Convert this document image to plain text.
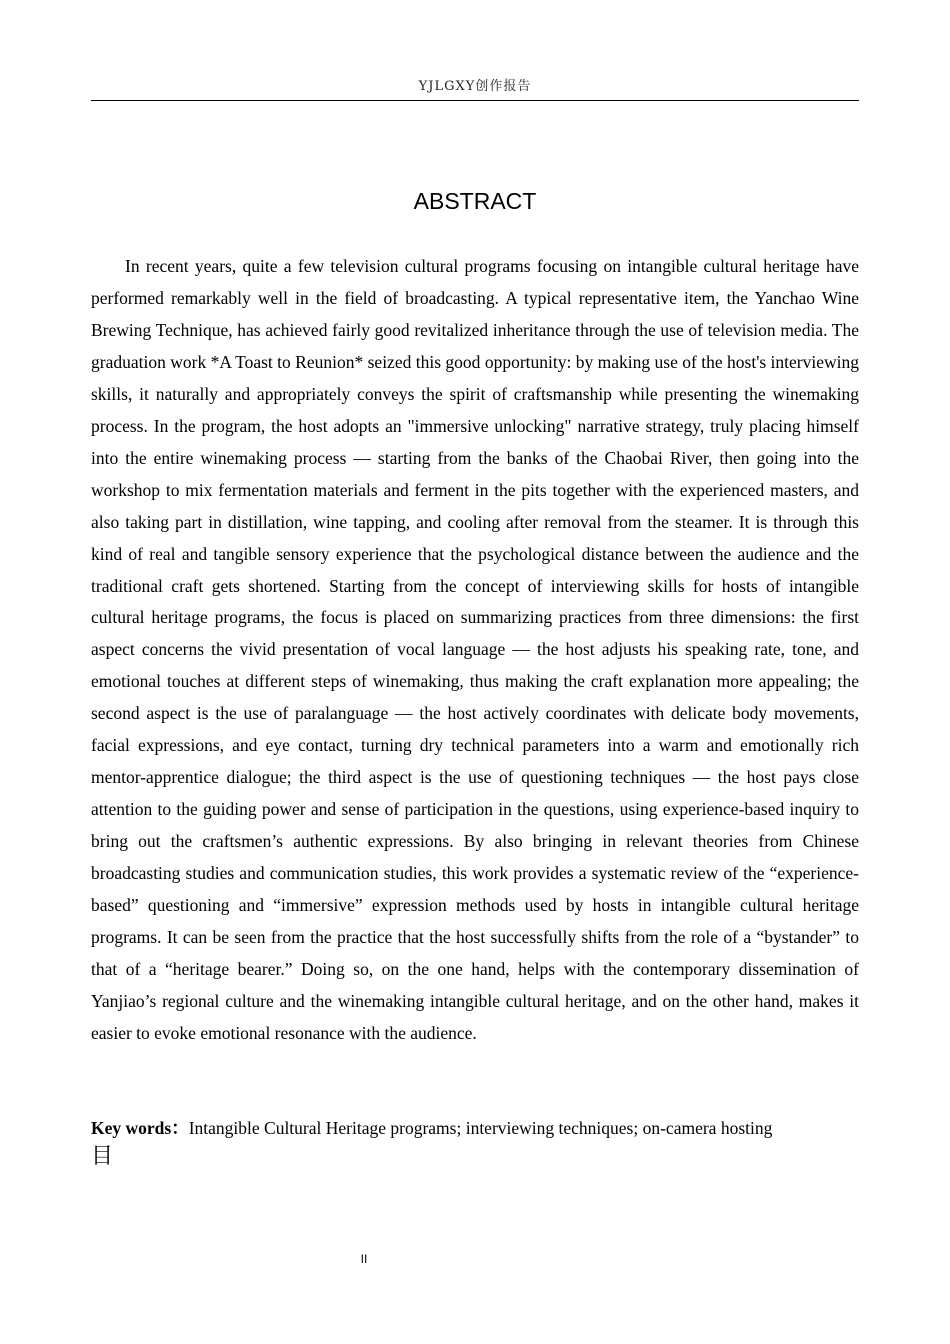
YJLGXY创作报告
ABSTRACT

In recent years, quite a few television cultural programs focusing on intangible cultural heritage have performed remarkably well in the field of broadcasting. A typical representative item, the Yanchao Wine Brewing Technique, has achieved fairly good revitalized inheritance through the use of television media. The graduation work *A Toast to Reunion* seized this good opportunity: by making use of the host's interviewing skills, it naturally and appropriately conveys the spirit of craftsmanship while presenting the winemaking process. In the program, the host adopts an "immersive unlocking" narrative strategy, truly placing himself into the entire winemaking process — starting from the banks of the Chaobai River, then going into the workshop to mix fermentation materials and ferment in the pits together with the experienced masters, and also taking part in distillation, wine tapping, and cooling after removal from the steamer. It is through this kind of real and tangible sensory experience that the psychological distance between the audience and the traditional craft gets shortened. Starting from the concept of interviewing skills for hosts of intangible cultural heritage programs, the focus is placed on summarizing practices from three dimensions: the first aspect concerns the vivid presentation of vocal language — the host adjusts his speaking rate, tone, and emotional touches at different steps of winemaking, thus making the craft explanation more appealing; the second aspect is the use of paralanguage — the host actively coordinates with delicate body movements, facial expressions, and eye contact, turning dry technical parameters into a warm and emotionally rich mentor-apprentice dialogue; the third aspect is the use of questioning techniques — the host pays close attention to the guiding power and sense of participation in the questions, using experience-based inquiry to bring out the craftsmen’s authentic expressions. By also bringing in relevant theories from Chinese broadcasting studies and communication studies, this work provides a systematic review of the “experience-based” questioning and “immersive” expression methods used by hosts in intangible cultural heritage programs. It can be seen from the practice that the host successfully shifts from the role of a “bystander” to that of a “heritage bearer.” Doing so, on the one hand, helps with the contemporary dissemination of Yanjiao’s regional culture and the winemaking intangible cultural heritage, and on the other hand, makes it easier to evoke emotional resonance with the audience.

Key words：Intangible Cultural Heritage programs; interviewing techniques; on-camera hosting
目
II
